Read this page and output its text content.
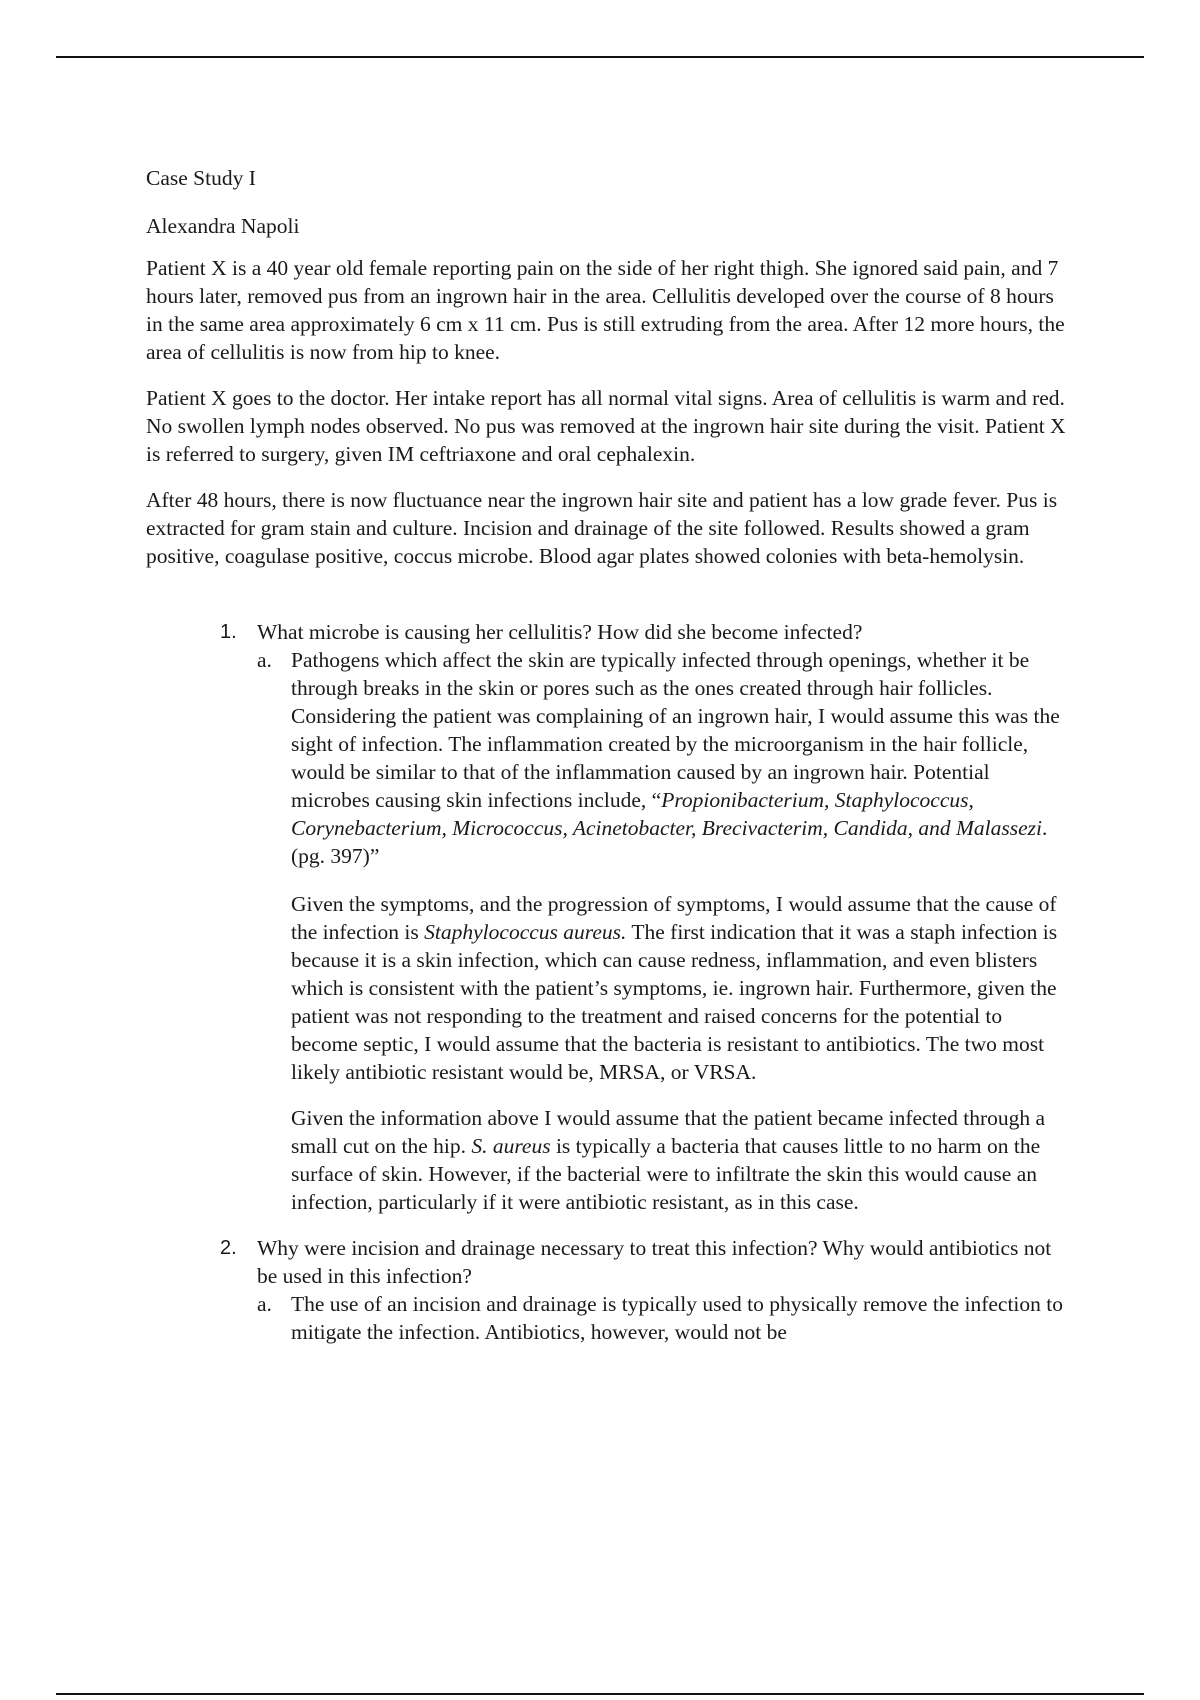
Case Study I

Alexandra Napoli

Patient X is a 40 year old female reporting pain on the side of her right thigh. She ignored said pain, and 7 hours later, removed pus from an ingrown hair in the area. Cellulitis developed over the course of 8 hours in the same area approximately 6 cm x 11 cm. Pus is still extruding from the area. After 12 more hours, the area of cellulitis is now from hip to knee.

Patient X goes to the doctor. Her intake report has all normal vital signs. Area of cellulitis is warm and red. No swollen lymph nodes observed. No pus was removed at the ingrown hair site during the visit. Patient X is referred to surgery, given IM ceftriaxone and oral cephalexin.

After 48 hours, there is now fluctuance near the ingrown hair site and patient has a low grade fever. Pus is extracted for gram stain and culture. Incision and drainage of the site followed. Results showed a gram positive, coagulase positive, coccus microbe. Blood agar plates showed colonies with beta-hemolysin.

1. What microbe is causing her cellulitis? How did she become infected?
a. Pathogens which affect the skin are typically infected through openings, whether it be through breaks in the skin or pores such as the ones created through hair follicles. Considering the patient was complaining of an ingrown hair, I would assume this was the sight of infection. The inflammation created by the microorganism in the hair follicle, would be similar to that of the inflammation caused by an ingrown hair. Potential microbes causing skin infections include, “Propionibacterium, Staphylococcus, Corynebacterium, Micrococcus, Acinetobacter, Brecivacterim, Candida, and Malassezi. (pg. 397)”

Given the symptoms, and the progression of symptoms, I would assume that the cause of the infection is Staphylococcus aureus. The first indication that it was a staph infection is because it is a skin infection, which can cause redness, inflammation, and even blisters which is consistent with the patient’s symptoms, ie. ingrown hair. Furthermore, given the patient was not responding to the treatment and raised concerns for the potential to become septic, I would assume that the bacteria is resistant to antibiotics. The two most likely antibiotic resistant would be, MRSA, or VRSA.

Given the information above I would assume that the patient became infected through a small cut on the hip. S. aureus is typically a bacteria that causes little to no harm on the surface of skin. However, if the bacterial were to infiltrate the skin this would cause an infection, particularly if it were antibiotic resistant, as in this case.

2. Why were incision and drainage necessary to treat this infection? Why would antibiotics not be used in this infection?
a. The use of an incision and drainage is typically used to physically remove the infection to mitigate the infection. Antibiotics, however, would not be
